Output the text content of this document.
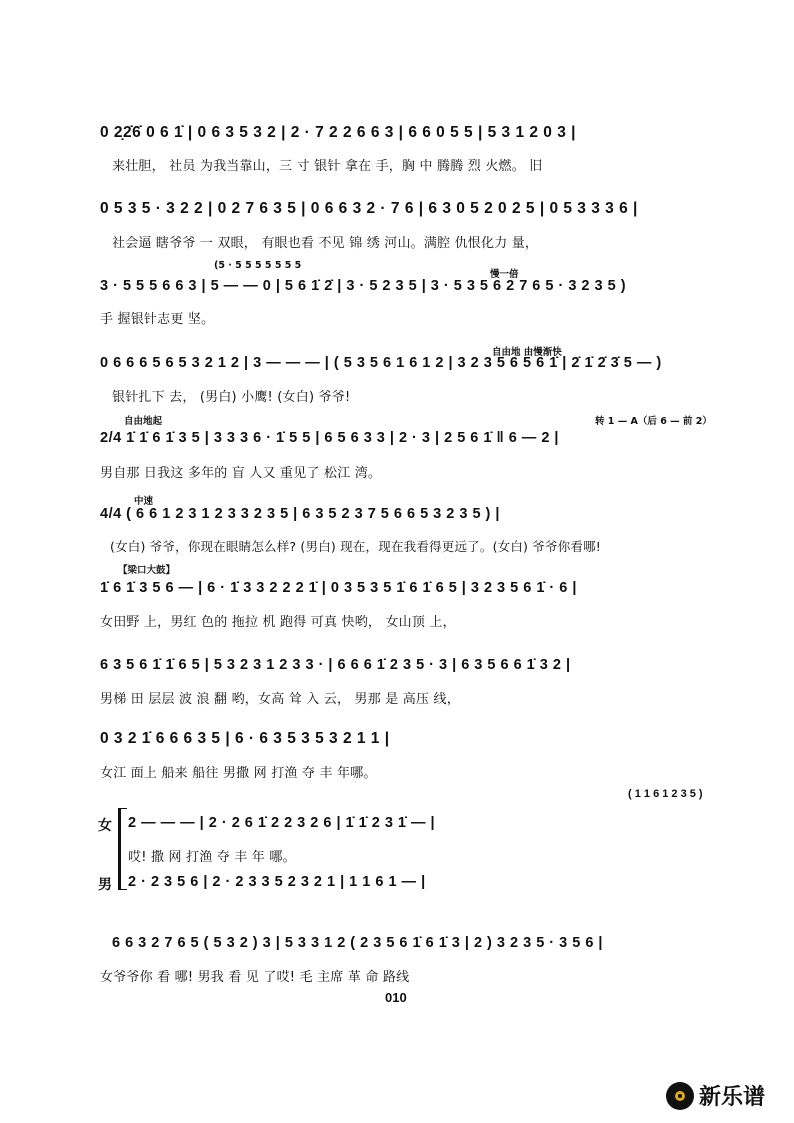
0 2̣2̇6̇ 0 6 1̇ | 0 6 3 5 3 2 | 2 · 7 2 2 6 6 3 | 6 6 0 5 5 | 5 3 1 2 0 3 |
来壮胆， 社员 为我当靠山，三 寸 银针 拿在 手，胸 中 腾腾 烈 火燃。 旧
0 5 3 5 · 3 2 2 | 0 2 7 6 3 5 | 0 6 6 3 2 · 7 6 | 6 3 0 5 2 0 2 5 | 0 5 3 3 3 6 |
社会逼 瞎爷爷 一 双眼， 有眼也看 不见 锦 绣 河山。满腔 仇恨化力 量，
(5 · 5 5 5 5 5 5 5
慢一倍
3 · 5 5 5 6 6 3 | 5 — — 0 | 5 6 1̇ 2̇ | 3 · 5 2 3 5 | 3 · 5 3 5 6 2 7 6 5 · 3 2 3 5 )
手 握银针志更 坚。
自由地 由慢渐快
0 6 6 6 5 6 5 3 2 1 2 | 3 — — — | ( 5 3 5 6 1 6 1 2 | 3 2 3 5 6 5 6 1̇ | 2̇ 1̇ 2̇ 3̇ 5 — )
银针扎下 去， (男白) 小鹰! (女白) 爷爷!
自由地起	转 1 — A（后 6 — 前 2）
2/4 1̇ 1̇ 6 1̇ 3 5 | 3 3 3 6 · 1̇ 5 5 | 6 5 6 3 3 | 2 · 3 | 2 5 6 1̇ ‖ 6 — 2 |
男自那 日我这 多年的 盲 人又 重见了 松江 湾。
中速
4/4 ( 6 6 1 2 3 1 2 3 3 2 3 5 | 6 3 5 2 3 7 5 6 6 5 3 2 3 5 ) |
(女白) 爷爷，你现在眼睛怎么样? (男白) 现在，现在我看得更远了。(女白) 爷爷你看哪!
【梁口大鼓】
1̇ 6 1̇ 3 5 6 — | 6 · 1̇ 3 3 2 2 2 1̇ | 0 3 5 3 5 1̇ 6 1̇ 6 5 | 3 2 3 5 6 1̇ · 6 |
女田野 上，男红 色的 拖拉 机 跑得 可真 快哟， 女山顶 上，
6 3 5 6 1̇ 1̇ 6 5 | 5 3 2 3 1 2 3 3 · | 6 6 6 1̇ 2 3 5 · 3 | 6 3 5 6 6 1̇ 3 2 |
男梯 田 层层 波 浪 翻 哟，女高 耸 入 云， 男那 是 高压 线，
0 3 2 1̇ 6 6 6 3 5 | 6 · 6 3 5 3 5 3 2 1 1 |
女江 面上 船来 船往 男撒 网 打渔 夺 丰 年哪。
( 1 1 6 1 2 3 5 )
女 2 — — — | 2 · 2 6 1̇ 2 2 3 2 6 | 1̇ 1̇ 2 3 1̇ — |
哎! 撒 网 打渔 夺 丰 年 哪。
男 2 · 2 3 5 6 | 2 · 2 3 3 5 2 3 2 1 | 1 1 6 1 — |
6 6 3 2 7 6 5 ( 5 3 2 ) 3 | 5 3 3 1 2 ( 2 3 5 6 1̇ 6 1̇ 3 | 2 ) 3 2 3 5 · 3 5 6 |
女爷爷你 看 哪! 男我 看 见 了哎! 毛 主席 革 命 路线
010
新乐谱
